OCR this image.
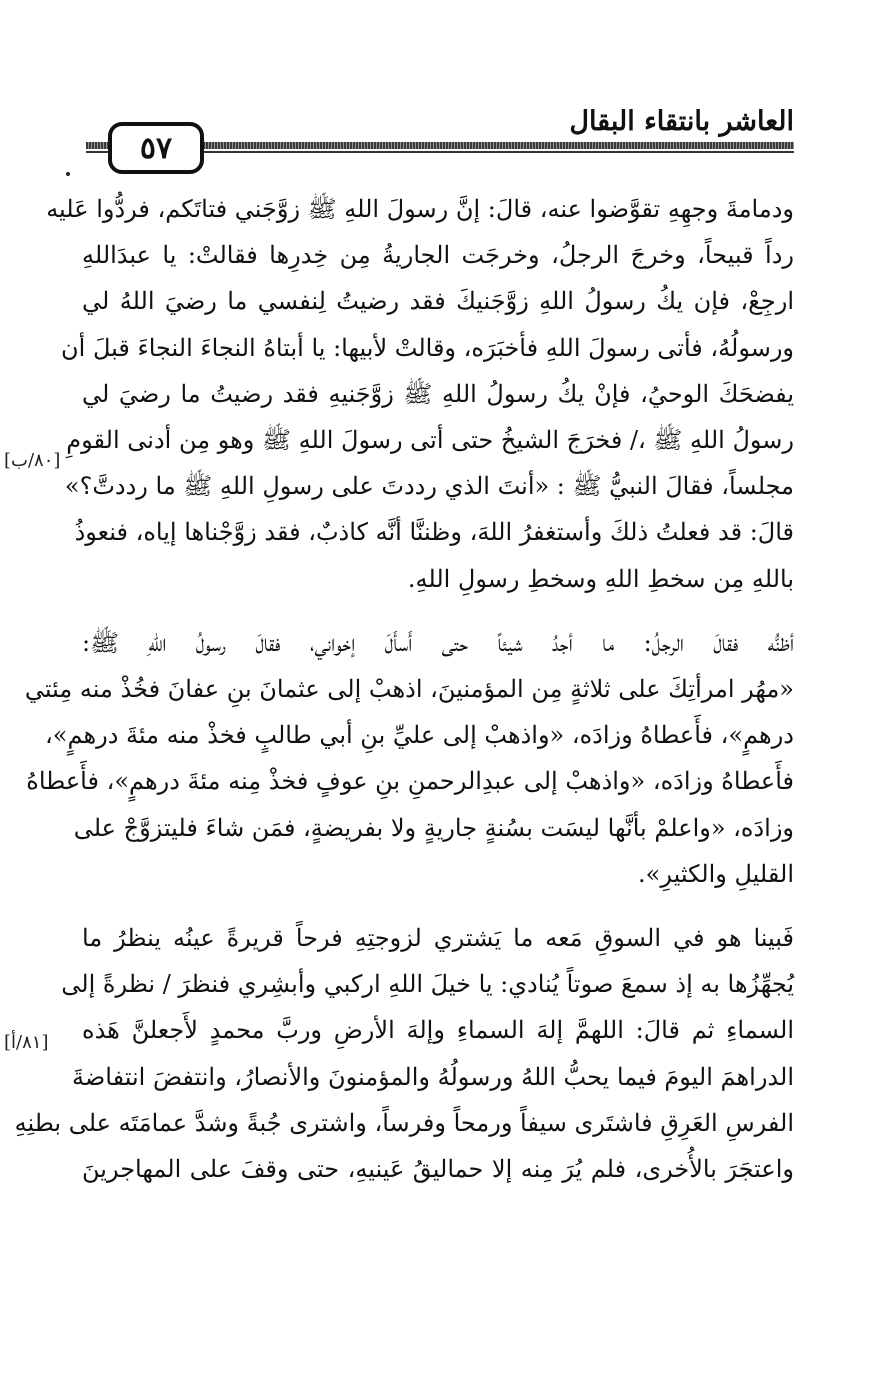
العاشر بانتقاء البقال
٥٧
[٨٠/ب]
[٨١/أ]

ودمامةَ وجهِهِ تقوَّضوا عنه، قالَ: إنَّ رسولَ اللهِ ﷺ زوَّجَني فتاتَكم، فردُّوا عَليه
رداً قبيحاً، وخرجَ الرجلُ، وخرجَت الجاريةُ مِن خِدرِها فقالتْ: يا عبدَاللهِ
ارجِعْ، فإن يكُ رسولُ اللهِ زوَّجَنيكَ فقد رضيتُ لِنفسي ما رضيَ اللهُ لي
ورسولُهُ، فأتى رسولَ اللهِ فأخبَرَه، وقالتْ لأبيها: يا أبتاهُ النجاءَ النجاءَ قبلَ أن
يفضحَكَ الوحيُ، فإنْ يكُ رسولُ اللهِ ﷺ زوَّجَنيهِ فقد رضيتُ ما رضيَ لي
رسولُ اللهِ ﷺ ،/ فخرَجَ الشيخُ حتى أتى رسولَ اللهِ ﷺ وهو مِن أدنى القومِ
مجلساً، فقالَ النبيُّ ﷺ : «أنتَ الذي رددتَ على رسولِ اللهِ ﷺ ما رددتَّ؟»
قالَ: قد فعلتُ ذلكَ وأستغفرُ اللهَ، وظننَّا أنَّه كاذبٌ، فقد زوَّجْناها إياه، فنعوذُ
باللهِ مِن سخطِ اللهِ وسخطِ رسولِ اللهِ.

أظنُّه فقالَ الرجلُ: ما أجدُ شيئاً حتى أَسأَلَ إخواني، فقالَ رسولُ اللهِ ﷺ:
«مهُر امرأتِكَ على ثلاثةٍ مِن المؤمنينَ، اذهبْ إلى عثمانَ بنِ عفانَ فخُذْ منه مِئتي
درهمٍ»، فأَعطاهُ وزادَه، «واذهبْ إلى عليِّ بنِ أبي طالبٍ فخذْ منه مئةَ درهمٍ»،
فأَعطاهُ وزادَه، «واذهبْ إلى عبدِالرحمنِ بنِ عوفٍ فخذْ مِنه مئةَ درهمٍ»، فأَعطاهُ
وزادَه، «واعلمْ بأنَّها ليسَت بسُنةٍ جاريةٍ ولا بفريضةٍ، فمَن شاءَ فليتزوَّجْ على
القليلِ والكثيرِ».

فَبينا هو في السوقِ مَعه ما يَشتري لزوجتِهِ فرحاً قريرةً عينُه ينظرُ ما
يُجهِّزُها به إذ سمعَ صوتاً يُنادي: يا خيلَ اللهِ اركبي وأبشِري فنظرَ / نظرةً إلى
السماءِ ثم قالَ: اللهمَّ إلهَ السماءِ وإلهَ الأرضِ وربَّ محمدٍ لأَجعلنَّ هَذه
الدراهمَ اليومَ فيما يحبُّ اللهُ ورسولُهُ والمؤمنونَ والأنصارُ، وانتفضَ انتفاضةَ
الفرسِ العَرِقِ فاشتَرى سيفاً ورمحاً وفرساً، واشترى جُبةً وشدَّ عمامَتَه على بطنِهِ
واعتجَرَ بالأُخرى، فلم يُرَ مِنه إلا حماليقُ عَينيهِ، حتى وقفَ على المهاجرينَ
